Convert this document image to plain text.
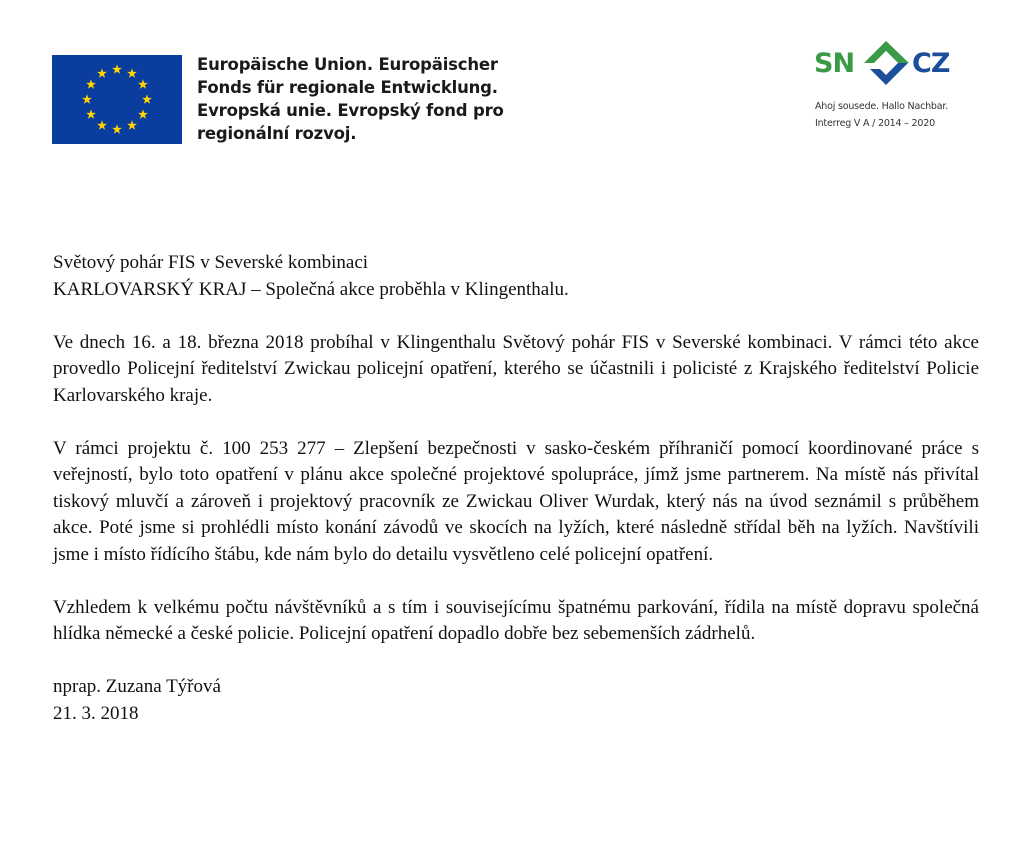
Europäische Union. Europäischer
Fonds für regionale Entwicklung.
Evropská unie. Evropský fond pro
regionální rozvoj.
SN CZ
Ahoj sousede. Hallo Nachbar.
Interreg V A / 2014 – 2020

Světový pohár FIS v Severské kombinaci
KARLOVARSKÝ KRAJ – Společná akce proběhla v Klingenthalu.

Ve dnech 16. a 18. března 2018 probíhal v Klingenthalu Světový pohár FIS v Severské kombinaci. V rámci této akce provedlo Policejní ředitelství Zwickau policejní opatření, kterého se účastnili i policisté z Krajského ředitelství Policie Karlovarského kraje.

V rámci projektu č. 100 253 277 – Zlepšení bezpečnosti v sasko-českém příhraničí pomocí koordinované práce s veřejností, bylo toto opatření v plánu akce společné projektové spolupráce, jímž jsme partnerem. Na místě nás přivítal tiskový mluvčí a zároveň i projektový pracovník ze Zwickau Oliver Wurdak, který nás na úvod seznámil s průběhem akce. Poté jsme si prohlédli místo konání závodů ve skocích na lyžích, které následně střídal běh na lyžích. Navštívili jsme i místo řídícího štábu, kde nám bylo do detailu vysvětleno celé policejní opatření.

Vzhledem k velkému počtu návštěvníků a s tím i souvisejícímu špatnému parkování, řídila na místě dopravu společná hlídka německé a české policie. Policejní opatření dopadlo dobře bez sebemenších zádrhelů.

nprap. Zuzana Týřová
21. 3. 2018
